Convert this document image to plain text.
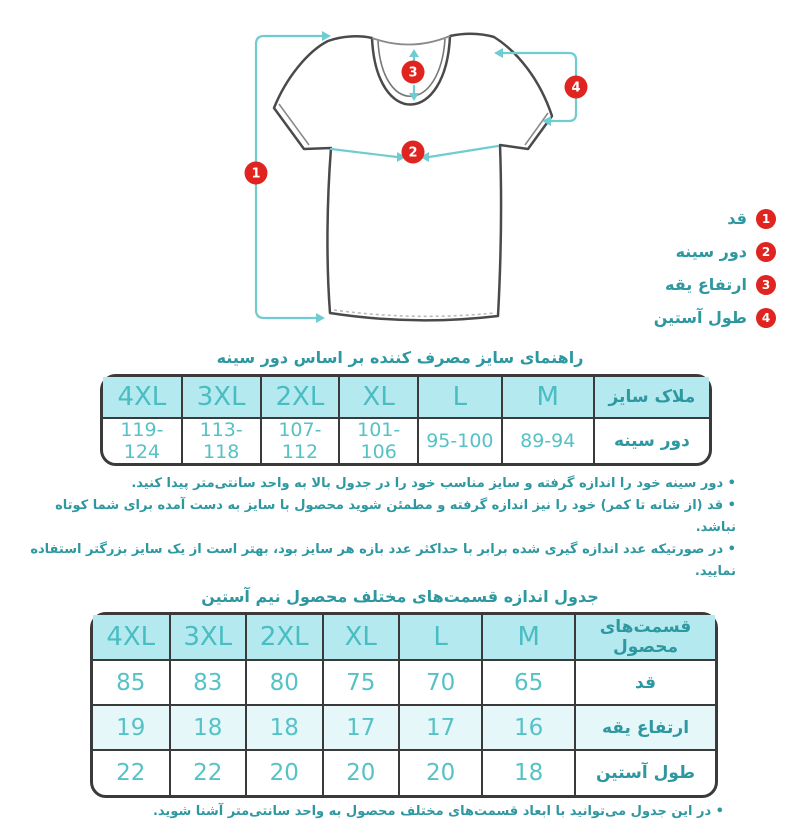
1
2
3
4
قد	1
دور سینه	2
ارتفاع یقه	3
طول آستین	4
راهنمای سایز مصرف کننده بر اساس دور سینه
4XL	3XL	2XL	XL	L	M	ملاک سایز
119-124	113-118	107-112	101-106	95-100	89-94	دور سینه
• دور سینه خود را اندازه گرفته و سایز مناسب خود را در جدول بالا به واحد سانتی‌متر پیدا کنید.
• قد (از شانه تا کمر) خود را نیز اندازه گرفته و مطمئن شوید محصول با سایز به دست آمده برای شما کوتاه نباشد.
• در صورتیکه عدد اندازه گیری شده برابر با حداکثر عدد بازه هر سایز بود، بهتر است از یک سایز بزرگتر استفاده نمایید.
جدول اندازه قسمت‌های مختلف محصول نیم آستین
4XL	3XL	2XL	XL	L	M	قسمت‌های محصول
85	83	80	75	70	65	قد
19	18	18	17	17	16	ارتفاع یقه
22	22	20	20	20	18	طول آستین
• در این جدول می‌توانید با ابعاد قسمت‌های مختلف محصول به واحد سانتی‌متر آشنا شوید.
